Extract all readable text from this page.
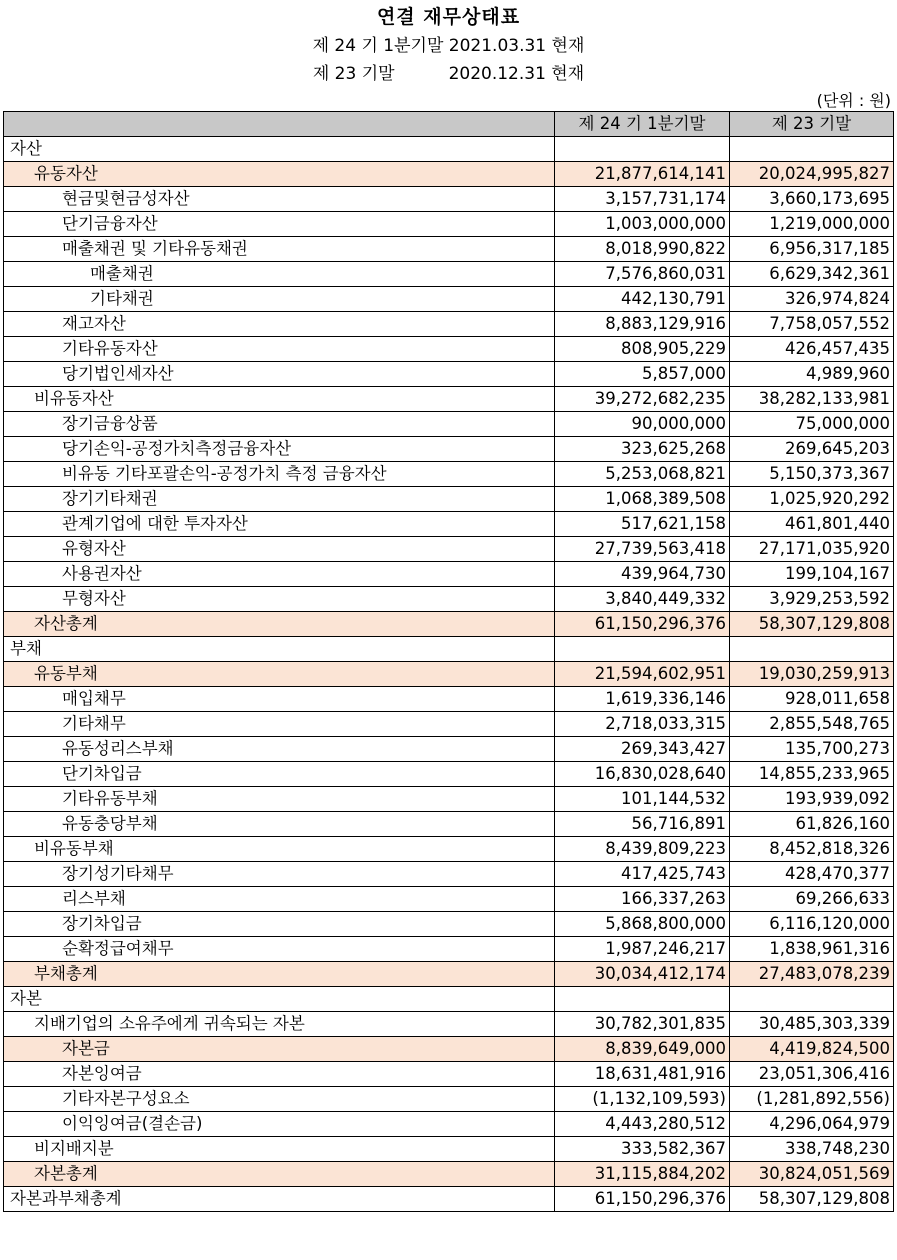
연결 재무상태표
제 24 기 1분기말 2021.03.31 현재
제 23 기말          2020.12.31 현재
(단위 : 원)
	제 24 기 1분기말	제 23 기말
자산		
유동자산	21,877,614,141	20,024,995,827
현금및현금성자산	3,157,731,174	3,660,173,695
단기금융자산	1,003,000,000	1,219,000,000
매출채권 및 기타유동채권	8,018,990,822	6,956,317,185
매출채권	7,576,860,031	6,629,342,361
기타채권	442,130,791	326,974,824
재고자산	8,883,129,916	7,758,057,552
기타유동자산	808,905,229	426,457,435
당기법인세자산	5,857,000	4,989,960
비유동자산	39,272,682,235	38,282,133,981
장기금융상품	90,000,000	75,000,000
당기손익-공정가치측정금융자산	323,625,268	269,645,203
비유동 기타포괄손익-공정가치 측정 금융자산	5,253,068,821	5,150,373,367
장기기타채권	1,068,389,508	1,025,920,292
관계기업에 대한 투자자산	517,621,158	461,801,440
유형자산	27,739,563,418	27,171,035,920
사용권자산	439,964,730	199,104,167
무형자산	3,840,449,332	3,929,253,592
자산총계	61,150,296,376	58,307,129,808
부채		
유동부채	21,594,602,951	19,030,259,913
매입채무	1,619,336,146	928,011,658
기타채무	2,718,033,315	2,855,548,765
유동성리스부채	269,343,427	135,700,273
단기차입금	16,830,028,640	14,855,233,965
기타유동부채	101,144,532	193,939,092
유동충당부채	56,716,891	61,826,160
비유동부채	8,439,809,223	8,452,818,326
장기성기타채무	417,425,743	428,470,377
리스부채	166,337,263	69,266,633
장기차입금	5,868,800,000	6,116,120,000
순확정급여채무	1,987,246,217	1,838,961,316
부채총계	30,034,412,174	27,483,078,239
자본		
지배기업의 소유주에게 귀속되는 자본	30,782,301,835	30,485,303,339
자본금	8,839,649,000	4,419,824,500
자본잉여금	18,631,481,916	23,051,306,416
기타자본구성요소	(1,132,109,593)	(1,281,892,556)
이익잉여금(결손금)	4,443,280,512	4,296,064,979
비지배지분	333,582,367	338,748,230
자본총계	31,115,884,202	30,824,051,569
자본과부채총계	61,150,296,376	58,307,129,808
